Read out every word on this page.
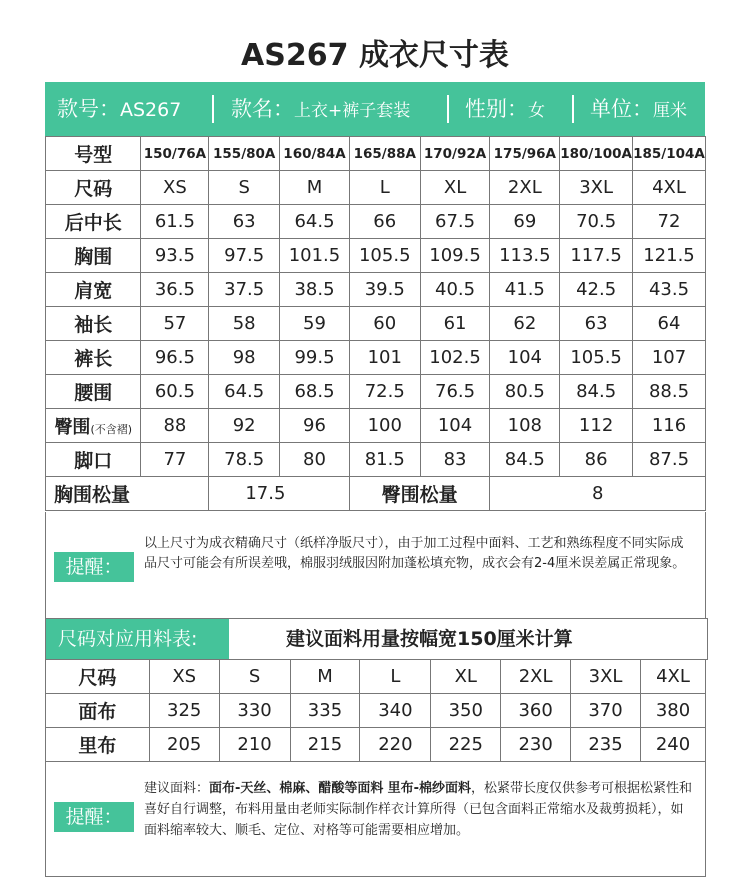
AS267 成衣尺寸表
款号：AS267 款名：上衣+裤子套装	性别：女 单位：厘米
号型	150/76A	155/80A	160/84A	165/88A	170/92A	175/96A	180/100A	185/104A
尺码	XS	S	M	L	XL	2XL	3XL	4XL
后中长	61.5	63	64.5	66	67.5	69	70.5	72
胸围	93.5	97.5	101.5	105.5	109.5	113.5	117.5	121.5
肩宽	36.5	37.5	38.5	39.5	40.5	41.5	42.5	43.5
袖长	57	58	59	60	61	62	63	64
裤长	96.5	98	99.5	101	102.5	104	105.5	107
腰围	60.5	64.5	68.5	72.5	76.5	80.5	84.5	88.5
臀围(不含褶)	88	92	96	100	104	108	112	116
脚口	77	78.5	80	81.5	83	84.5	86	87.5
胸围松量		17.5		臀围松量		8		
提醒：
以上尺寸为成衣精确尺寸（纸样净版尺寸），由于加工过程中面料、工艺和熟练程度不同实际成品尺寸可能会有所误差哦，棉服羽绒服因附加蓬松填充物，成衣会有2-4厘米误差属正常现象。
尺码对应用料表:	建议面料用量按幅宽150厘米计算
尺码	XS	S	M	L	XL	2XL	3XL	4XL
面布	325	330	335	340	350	360	370	380
里布	205	210	215	220	225	230	235	240
提醒：
建议面料：面布-天丝、棉麻、醋酸等面料 里布-棉纱面料，松紧带长度仅供参考可根据松紧性和喜好自行调整，布料用量由老师实际制作样衣计算所得（已包含面料正常缩水及裁剪损耗），如面料缩率较大、顺毛、定位、对格等可能需要相应增加。
